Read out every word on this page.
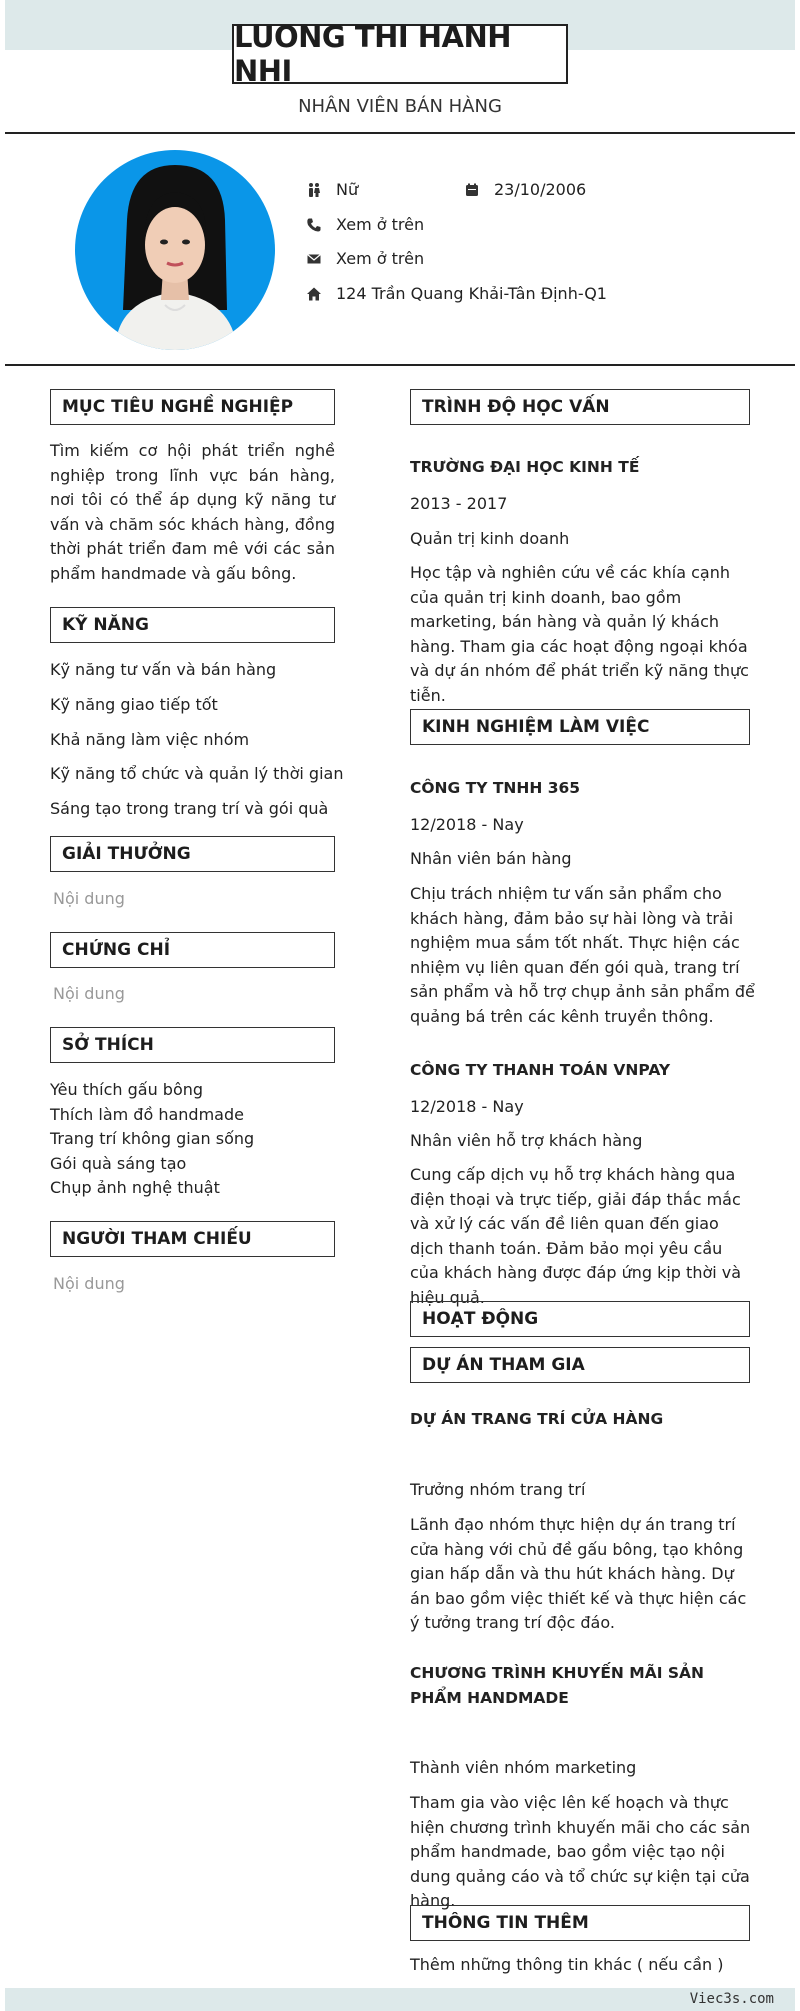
Viec3s.com
LUONG THI HANH NHI
NHÂN VIÊN BÁN HÀNG
Nữ	23/10/2006
Xem ở trên
Xem ở trên
124 Trần Quang Khải-Tân Định-Q1
MỤC TIÊU NGHỀ NGHIỆP
Tìm kiếm cơ hội phát triển nghề nghiệp trong lĩnh vực bán hàng, nơi tôi có thể áp dụng kỹ năng tư vấn và chăm sóc khách hàng, đồng thời phát triển đam mê với các sản phẩm handmade và gấu bông.
KỸ NĂNG
Kỹ năng tư vấn và bán hàng
Kỹ năng giao tiếp tốt
Khả năng làm việc nhóm
Kỹ năng tổ chức và quản lý thời gian
Sáng tạo trong trang trí và gói quà
GIẢI THƯỞNG
Nội dung
CHỨNG CHỈ
Nội dung
SỞ THÍCH
Yêu thích gấu bông
Thích làm đồ handmade
Trang trí không gian sống
Gói quà sáng tạo
Chụp ảnh nghệ thuật
NGƯỜI THAM CHIẾU
Nội dung
TRÌNH ĐỘ HỌC VẤN
TRƯỜNG ĐẠI HỌC KINH TẾ
2013 - 2017
Quản trị kinh doanh
Học tập và nghiên cứu về các khía cạnh của quản trị kinh doanh, bao gồm marketing, bán hàng và quản lý khách hàng. Tham gia các hoạt động ngoại khóa và dự án nhóm để phát triển kỹ năng thực tiễn.
KINH NGHIỆM LÀM VIỆC
CÔNG TY TNHH 365
12/2018 - Nay
Nhân viên bán hàng
Chịu trách nhiệm tư vấn sản phẩm cho khách hàng, đảm bảo sự hài lòng và trải nghiệm mua sắm tốt nhất. Thực hiện các nhiệm vụ liên quan đến gói quà, trang trí sản phẩm và hỗ trợ chụp ảnh sản phẩm để quảng bá trên các kênh truyền thông.
CÔNG TY THANH TOÁN VNPAY
12/2018 - Nay
Nhân viên hỗ trợ khách hàng
Cung cấp dịch vụ hỗ trợ khách hàng qua điện thoại và trực tiếp, giải đáp thắc mắc và xử lý các vấn đề liên quan đến giao dịch thanh toán. Đảm bảo mọi yêu cầu của khách hàng được đáp ứng kịp thời và hiệu quả.
HOẠT ĐỘNG
DỰ ÁN THAM GIA
DỰ ÁN TRANG TRÍ CỬA HÀNG
Trưởng nhóm trang trí
Lãnh đạo nhóm thực hiện dự án trang trí cửa hàng với chủ đề gấu bông, tạo không gian hấp dẫn và thu hút khách hàng. Dự án bao gồm việc thiết kế và thực hiện các ý tưởng trang trí độc đáo.
CHƯƠNG TRÌNH KHUYẾN MÃI SẢN PHẨM HANDMADE
Thành viên nhóm marketing
Tham gia vào việc lên kế hoạch và thực hiện chương trình khuyến mãi cho các sản phẩm handmade, bao gồm việc tạo nội dung quảng cáo và tổ chức sự kiện tại cửa hàng.
THÔNG TIN THÊM
Thêm những thông tin khác ( nếu cần )
